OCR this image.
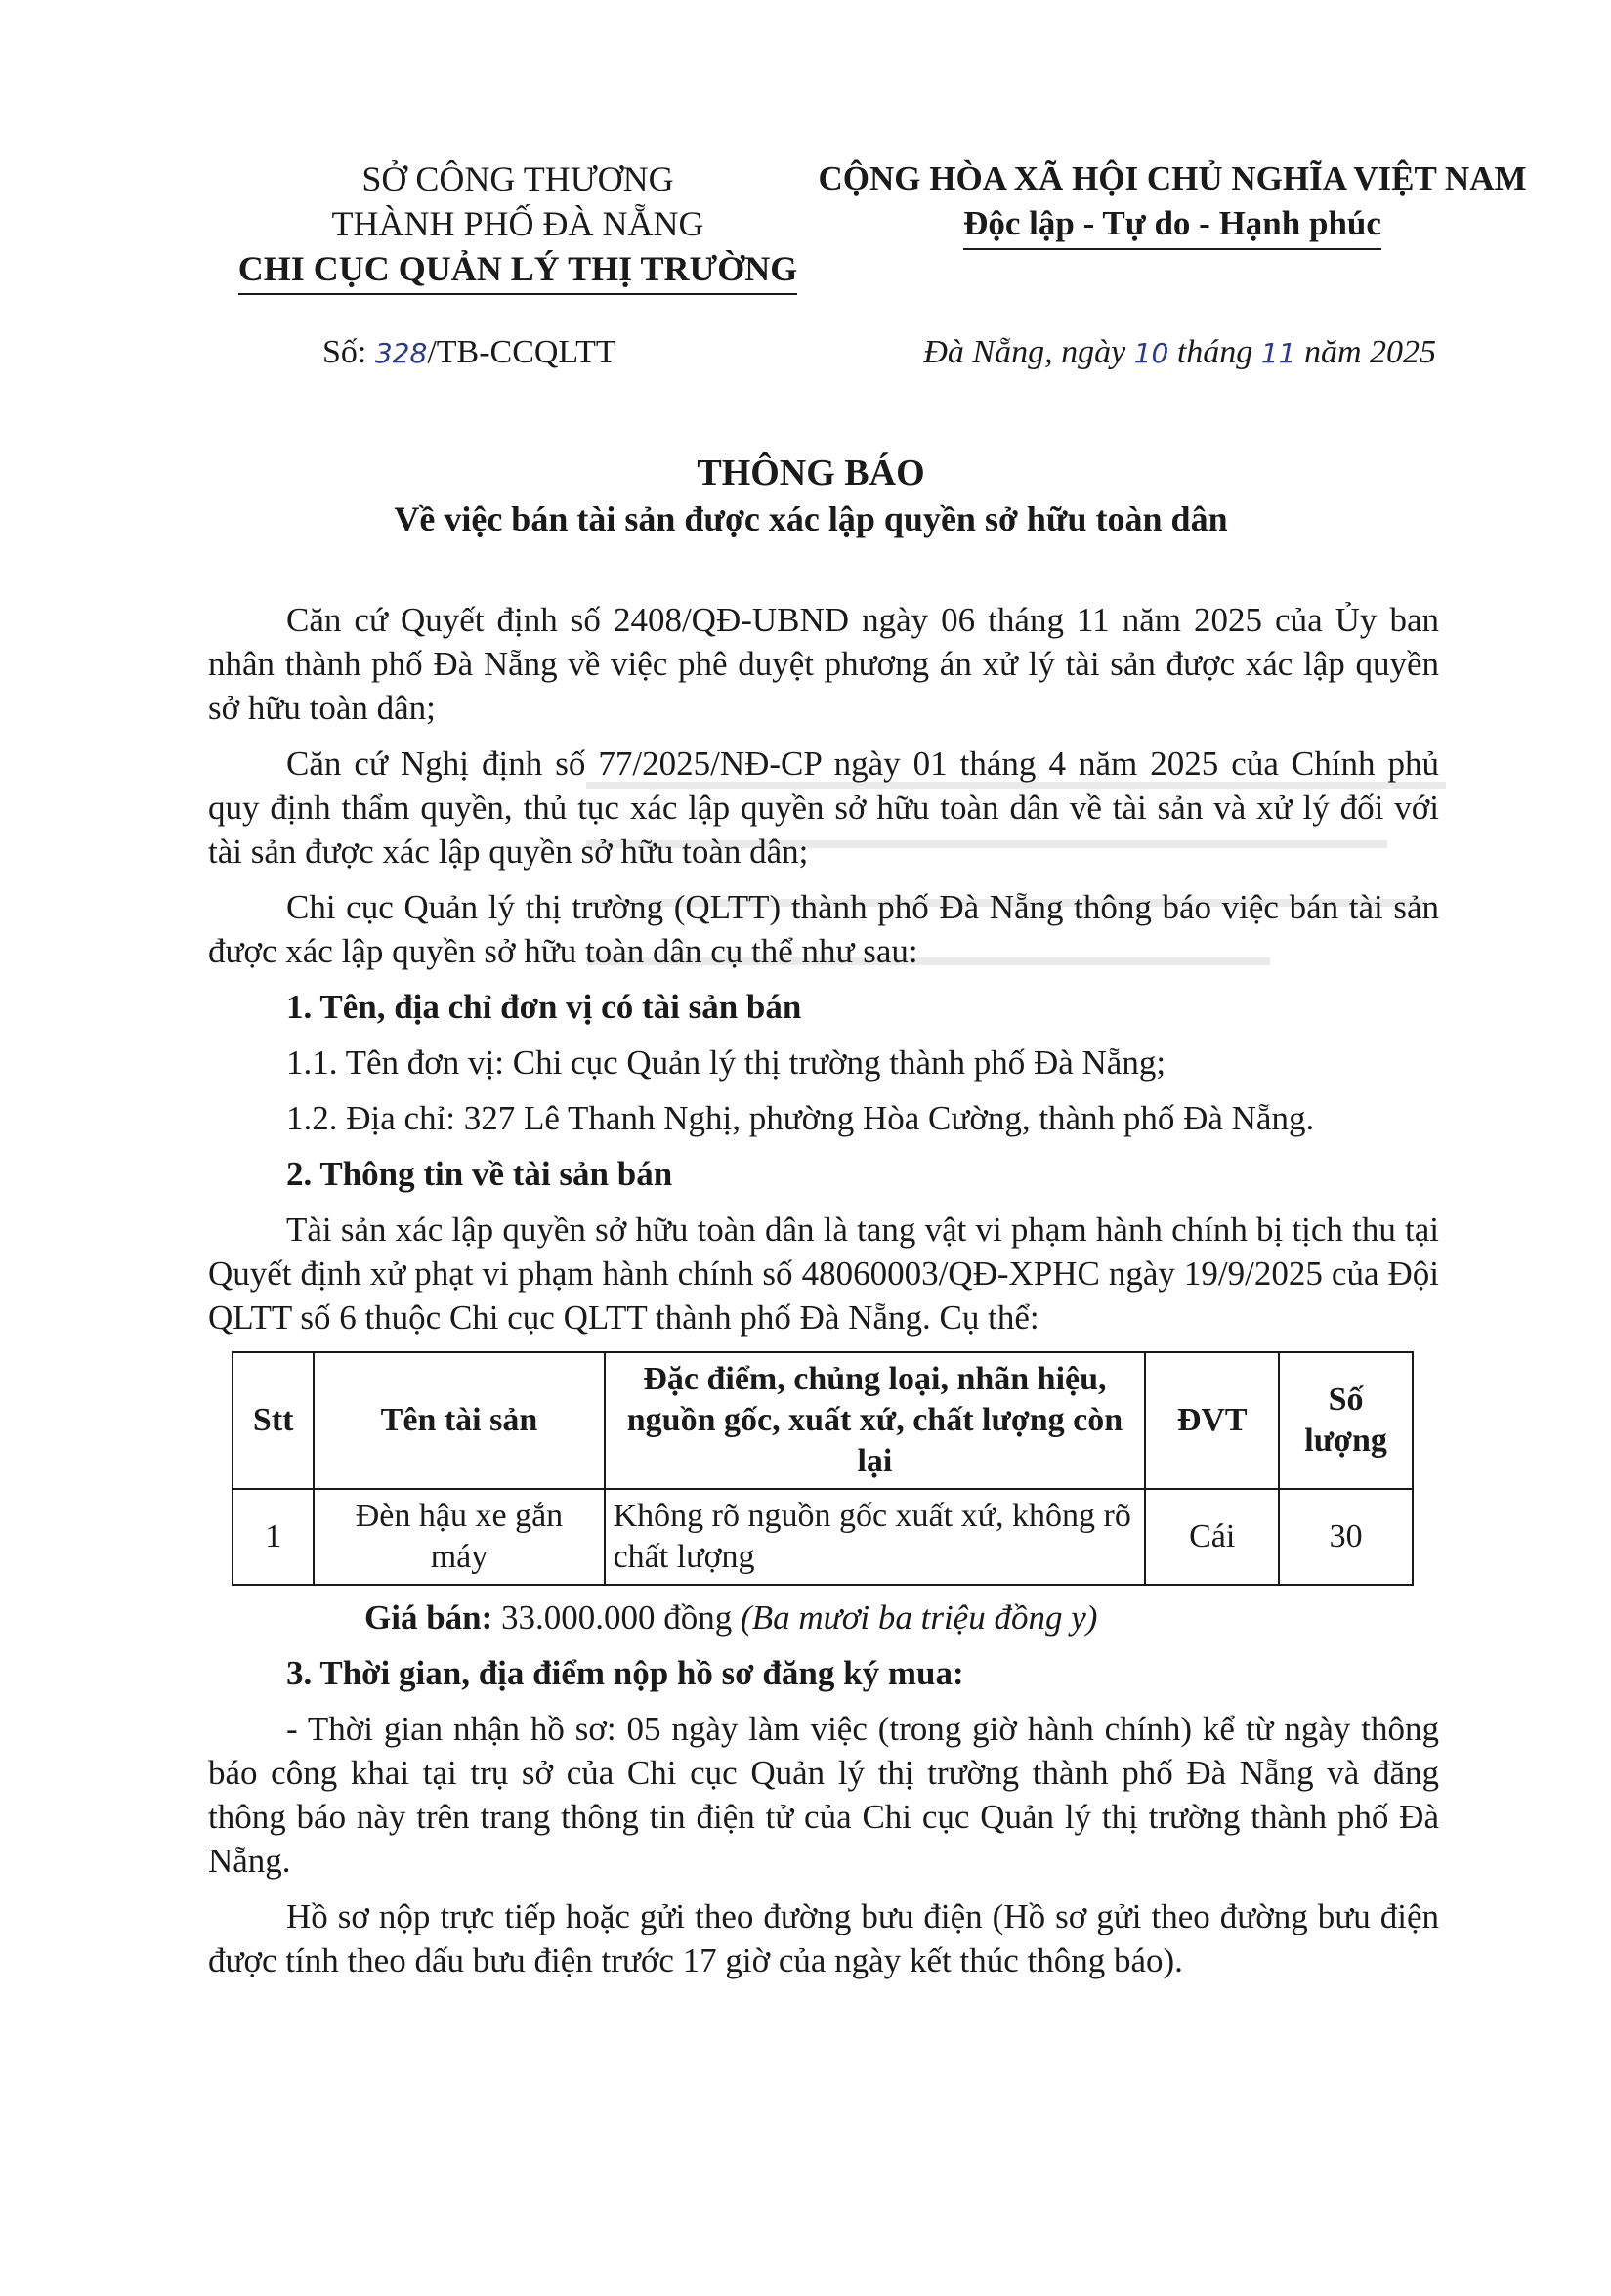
SỞ CÔNG THƯƠNG
THÀNH PHỐ ĐÀ NẴNG
CHI CỤC QUẢN LÝ THỊ TRƯỜNG
CỘNG HÒA XÃ HỘI CHỦ NGHĨA VIỆT NAM
Độc lập - Tự do - Hạnh phúc
Số: 328/TB-CCQLTT	Đà Nẵng, ngày 10 tháng 11 năm 2025
THÔNG BÁO
Về việc bán tài sản được xác lập quyền sở hữu toàn dân

Căn cứ Quyết định số 2408/QĐ-UBND ngày 06 tháng 11 năm 2025 của Ủy ban nhân thành phố Đà Nẵng về việc phê duyệt phương án xử lý tài sản được xác lập quyền sở hữu toàn dân;

Căn cứ Nghị định số 77/2025/NĐ-CP ngày 01 tháng 4 năm 2025 của Chính phủ quy định thẩm quyền, thủ tục xác lập quyền sở hữu toàn dân về tài sản và xử lý đối với tài sản được xác lập quyền sở hữu toàn dân;

Chi cục Quản lý thị trường (QLTT) thành phố Đà Nẵng thông báo việc bán tài sản được xác lập quyền sở hữu toàn dân cụ thể như sau:

1. Tên, địa chỉ đơn vị có tài sản bán

1.1. Tên đơn vị: Chi cục Quản lý thị trường thành phố Đà Nẵng;

1.2. Địa chỉ: 327 Lê Thanh Nghị, phường Hòa Cường, thành phố Đà Nẵng.

2. Thông tin về tài sản bán

Tài sản xác lập quyền sở hữu toàn dân là tang vật vi phạm hành chính bị tịch thu tại Quyết định xử phạt vi phạm hành chính số 48060003/QĐ-XPHC ngày 19/9/2025 của Đội QLTT số 6 thuộc Chi cục QLTT thành phố Đà Nẵng. Cụ thể:

Stt	Tên tài sản	Đặc điểm, chủng loại, nhãn hiệu, nguồn gốc, xuất xứ, chất lượng còn lại	ĐVT	Số lượng
1	Đèn hậu xe gắn máy	Không rõ nguồn gốc xuất xứ, không rõ chất lượng	Cái	30

Giá bán: 33.000.000 đồng (Ba mươi ba triệu đồng y)

3. Thời gian, địa điểm nộp hồ sơ đăng ký mua:

- Thời gian nhận hồ sơ: 05 ngày làm việc (trong giờ hành chính) kể từ ngày thông báo công khai tại trụ sở của Chi cục Quản lý thị trường thành phố Đà Nẵng và đăng thông báo này trên trang thông tin điện tử của Chi cục Quản lý thị trường thành phố Đà Nẵng.

Hồ sơ nộp trực tiếp hoặc gửi theo đường bưu điện (Hồ sơ gửi theo đường bưu điện được tính theo dấu bưu điện trước 17 giờ của ngày kết thúc thông báo).
